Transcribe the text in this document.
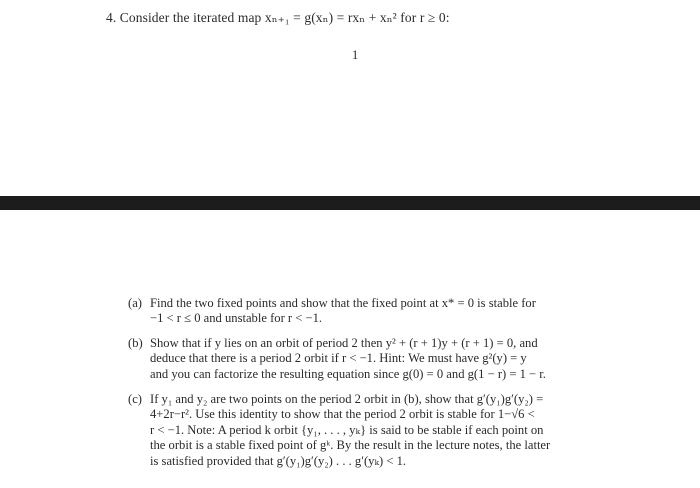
4. Consider the iterated map xₙ₊₁ = g(xₙ) = rxₙ + xₙ² for r ≥ 0:
1
(a) Find the two fixed points and show that the fixed point at x* = 0 is stable for
−1 < r ≤ 0 and unstable for r < −1.
(b) Show that if y lies on an orbit of period 2 then y² + (r + 1)y + (r + 1) = 0, and
deduce that there is a period 2 orbit if r < −1. Hint: We must have g²(y) = y
and you can factorize the resulting equation since g(0) = 0 and g(1 − r) = 1 − r.
(c) If y₁ and y₂ are two points on the period 2 orbit in (b), show that g′(y₁)g′(y₂) =
4+2r−r². Use this identity to show that the period 2 orbit is stable for 1−√6 <
r < −1. Note: A period k orbit {y₁, . . . , yₖ} is said to be stable if each point on
the orbit is a stable fixed point of gᵏ. By the result in the lecture notes, the latter
is satisfied provided that g′(y₁)g′(y₂) . . . g′(yₖ) < 1.
